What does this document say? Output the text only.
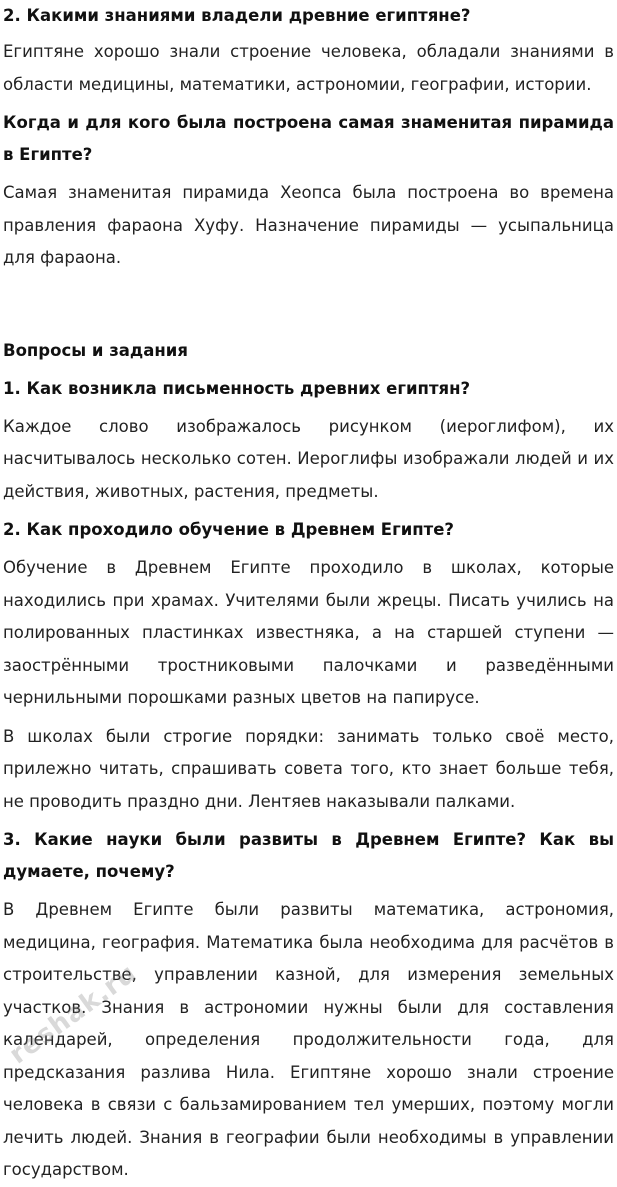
2. Какими знаниями владели древние египтяне?

Египтяне хорошо знали строение человека, обладали знаниями в области медицины, математики, астрономии, географии, истории.

Когда и для кого была построена самая знаменитая пирамида в Египте?

Самая знаменитая пирамида Хеопса была построена во времена правления фараона Хуфу. Назначение пирамиды — усыпальница для фараона.

Вопросы и задания

1. Как возникла письменность древних египтян?

Каждое слово изображалось рисунком (иероглифом), их насчитывалось несколько сотен. Иероглифы изображали людей и их действия, животных, растения, предметы.

2. Как проходило обучение в Древнем Египте?

Обучение в Древнем Египте проходило в школах, которые находились при храмах. Учителями были жрецы. Писать учились на полированных пластинках известняка, а на старшей ступени — заострёнными тростниковыми палочками и разведёнными чернильными порошками разных цветов на папирусе.

В школах были строгие порядки: занимать только своё место, прилежно читать, спрашивать совета того, кто знает больше тебя, не проводить праздно дни. Лентяев наказывали палками.

3. Какие науки были развиты в Древнем Египте? Как вы думаете, почему?

В Древнем Египте были развиты математика, астрономия, медицина, география. Математика была необходима для расчётов в строительстве, управлении казной, для измерения земельных участков. Знания в астрономии нужны были для составления календарей, определения продолжительности года, для предсказания разлива Нила. Египтяне хорошо знали строение человека в связи с бальзамированием тел умерших, поэтому могли лечить людей. Знания в географии были необходимы в управлении государством.

reshak.ru
